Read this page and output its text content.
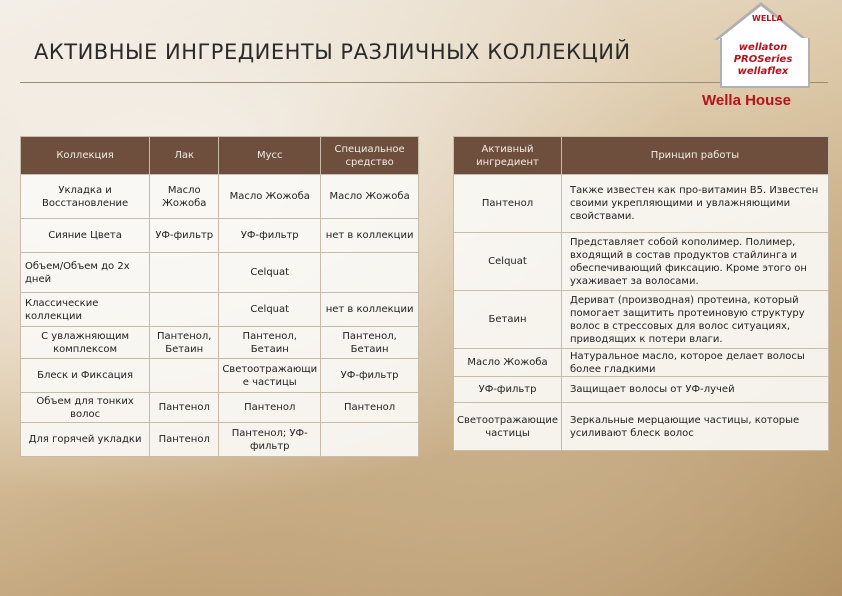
АКТИВНЫЕ ИНГРЕДИЕНТЫ РАЗЛИЧНЫХ КОЛЛЕКЦИЙ
WELLA
wellaton
PROSeries
wellaflex
Wella House
Коллекция	Лак	Мусс	Специальное средство
Укладка и Восстановление	Масло Жожоба	Масло Жожоба	Масло Жожоба
Сияние Цвета	УФ-фильтр	УФ-фильтр	нет в коллекции
Объем/Объем до 2х дней		Celquat	
Классические коллекции		Celquat	нет в коллекции
С увлажняющим комплексом	Пантенол, Бетаин	Пантенол, Бетаин	Пантенол, Бетаин
Блеск и Фиксация		Светоотражающи е частицы	УФ-фильтр
Объем для тонких волос	Пантенол	Пантенол	Пантенол
Для горячей укладки	Пантенол	Пантенол; УФ-фильтр	
Активный ингредиент	Принцип работы
Пантенол	Также известен как про-витамин B5. Известен своими укрепляющими и увлажняющими свойствами.
Celquat	Представляет собой кополимер. Полимер, входящий в состав продуктов стайлинга и обеспечивающий фиксацию. Кроме этого он ухаживает за волосами.
Бетаин	Дериват (производная) протеина, который помогает защитить протеиновую структуру волос в стрессовых для волос ситуациях, приводящих к потери влаги.
Масло Жожоба	Натуральное масло, которое делает волосы более гладкими
УФ-фильтр	Защищает волосы от УФ-лучей
Светоотражающие частицы	Зеркальные мерцающие частицы, которые усиливают блеск волос
